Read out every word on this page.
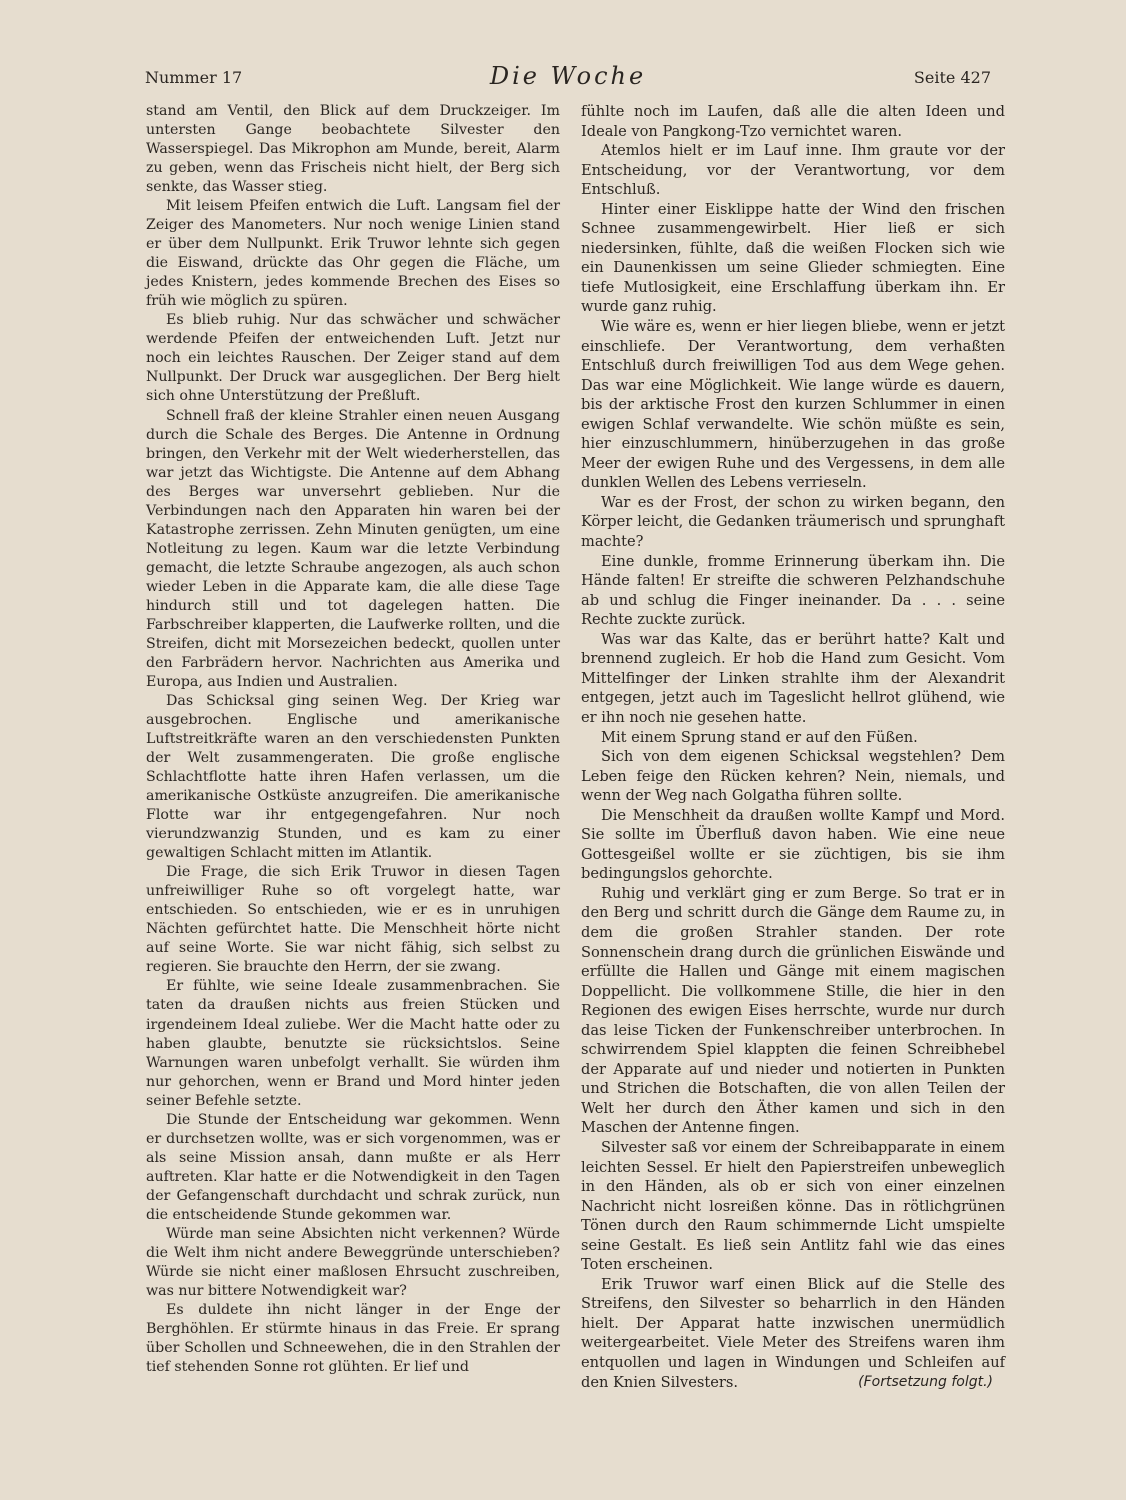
Nummer 17	Die Woche	Seite 427

stand am Ventil, den Blick auf dem Druckzeiger. Im untersten Gange beobachtete Silvester den Wasserspiegel. Das Mikrophon am Munde, bereit, Alarm zu geben, wenn das Frischeis nicht hielt, der Berg sich senkte, das Wasser stieg.

Mit leisem Pfeifen entwich die Luft. Langsam fiel der Zeiger des Manometers. Nur noch wenige Linien stand er über dem Nullpunkt. Erik Truwor lehnte sich gegen die Eiswand, drückte das Ohr gegen die Fläche, um jedes Knistern, jedes kommende Brechen des Eises so früh wie möglich zu spüren.

Es blieb ruhig. Nur das schwächer und schwächer werdende Pfeifen der entweichenden Luft. Jetzt nur noch ein leichtes Rauschen. Der Zeiger stand auf dem Nullpunkt. Der Druck war ausgeglichen. Der Berg hielt sich ohne Unterstützung der Preßluft.

Schnell fraß der kleine Strahler einen neuen Ausgang durch die Schale des Berges. Die Antenne in Ordnung bringen, den Verkehr mit der Welt wiederherstellen, das war jetzt das Wichtigste. Die Antenne auf dem Abhang des Berges war unversehrt geblieben. Nur die Verbindungen nach den Apparaten hin waren bei der Katastrophe zerrissen. Zehn Minuten genügten, um eine Notleitung zu legen. Kaum war die letzte Verbindung gemacht, die letzte Schraube angezogen, als auch schon wieder Leben in die Apparate kam, die alle diese Tage hindurch still und tot dagelegen hatten. Die Farbschreiber klapperten, die Laufwerke rollten, und die Streifen, dicht mit Morsezeichen bedeckt, quollen unter den Farbrädern hervor. Nachrichten aus Amerika und Europa, aus Indien und Australien.

Das Schicksal ging seinen Weg. Der Krieg war ausgebrochen. Englische und amerikanische Luftstreitkräfte waren an den verschiedensten Punkten der Welt zusammengeraten. Die große englische Schlachtflotte hatte ihren Hafen verlassen, um die amerikanische Ostküste anzugreifen. Die amerikanische Flotte war ihr entgegengefahren. Nur noch vierundzwanzig Stunden, und es kam zu einer gewaltigen Schlacht mitten im Atlantik.

Die Frage, die sich Erik Truwor in diesen Tagen unfreiwilliger Ruhe so oft vorgelegt hatte, war entschieden. So entschieden, wie er es in unruhigen Nächten gefürchtet hatte. Die Menschheit hörte nicht auf seine Worte. Sie war nicht fähig, sich selbst zu regieren. Sie brauchte den Herrn, der sie zwang.

Er fühlte, wie seine Ideale zusammenbrachen. Sie taten da draußen nichts aus freien Stücken und irgendeinem Ideal zuliebe. Wer die Macht hatte oder zu haben glaubte, benutzte sie rücksichtslos. Seine Warnungen waren unbefolgt verhallt. Sie würden ihm nur gehorchen, wenn er Brand und Mord hinter jeden seiner Befehle setzte.

Die Stunde der Entscheidung war gekommen. Wenn er durchsetzen wollte, was er sich vorgenommen, was er als seine Mission ansah, dann mußte er als Herr auftreten. Klar hatte er die Notwendigkeit in den Tagen der Gefangenschaft durchdacht und schrak zurück, nun die entscheidende Stunde gekommen war.

Würde man seine Absichten nicht verkennen? Würde die Welt ihm nicht andere Beweggründe unterschieben? Würde sie nicht einer maßlosen Ehrsucht zuschreiben, was nur bittere Notwendigkeit war?

Es duldete ihn nicht länger in der Enge der Berghöhlen. Er stürmte hinaus in das Freie. Er sprang über Schollen und Schneewehen, die in den Strahlen der tief stehenden Sonne rot glühten. Er lief und

fühlte noch im Laufen, daß alle die alten Ideen und Ideale von Pangkong-Tzo vernichtet waren.

Atemlos hielt er im Lauf inne. Ihm graute vor der Entscheidung, vor der Verantwortung, vor dem Entschluß.

Hinter einer Eisklippe hatte der Wind den frischen Schnee zusammengewirbelt. Hier ließ er sich niedersinken, fühlte, daß die weißen Flocken sich wie ein Daunenkissen um seine Glieder schmiegten. Eine tiefe Mutlosigkeit, eine Erschlaffung überkam ihn. Er wurde ganz ruhig.

Wie wäre es, wenn er hier liegen bliebe, wenn er jetzt einschliefe. Der Verantwortung, dem verhaßten Entschluß durch freiwilligen Tod aus dem Wege gehen. Das war eine Möglichkeit. Wie lange würde es dauern, bis der arktische Frost den kurzen Schlummer in einen ewigen Schlaf verwandelte. Wie schön müßte es sein, hier einzuschlummern, hinüberzugehen in das große Meer der ewigen Ruhe und des Vergessens, in dem alle dunklen Wellen des Lebens verrieseln.

War es der Frost, der schon zu wirken begann, den Körper leicht, die Gedanken träumerisch und sprunghaft machte?

Eine dunkle, fromme Erinnerung überkam ihn. Die Hände falten! Er streifte die schweren Pelzhandschuhe ab und schlug die Finger ineinander. Da . . . seine Rechte zuckte zurück.

Was war das Kalte, das er berührt hatte? Kalt und brennend zugleich. Er hob die Hand zum Gesicht. Vom Mittelfinger der Linken strahlte ihm der Alexandrit entgegen, jetzt auch im Tageslicht hellrot glühend, wie er ihn noch nie gesehen hatte.

Mit einem Sprung stand er auf den Füßen.

Sich von dem eigenen Schicksal wegstehlen? Dem Leben feige den Rücken kehren? Nein, niemals, und wenn der Weg nach Golgatha führen sollte.

Die Menschheit da draußen wollte Kampf und Mord. Sie sollte im Überfluß davon haben. Wie eine neue Gottesgeißel wollte er sie züchtigen, bis sie ihm bedingungslos gehorchte.

Ruhig und verklärt ging er zum Berge. So trat er in den Berg und schritt durch die Gänge dem Raume zu, in dem die großen Strahler standen. Der rote Sonnenschein drang durch die grünlichen Eiswände und erfüllte die Hallen und Gänge mit einem magischen Doppellicht. Die vollkommene Stille, die hier in den Regionen des ewigen Eises herrschte, wurde nur durch das leise Ticken der Funkenschreiber unterbrochen. In schwirrendem Spiel klappten die feinen Schreibhebel der Apparate auf und nieder und notierten in Punkten und Strichen die Botschaften, die von allen Teilen der Welt her durch den Äther kamen und sich in den Maschen der Antenne fingen.

Silvester saß vor einem der Schreibapparate in einem leichten Sessel. Er hielt den Papierstreifen unbeweglich in den Händen, als ob er sich von einer einzelnen Nachricht nicht losreißen könne. Das in rötlichgrünen Tönen durch den Raum schimmernde Licht umspielte seine Gestalt. Es ließ sein Antlitz fahl wie das eines Toten erscheinen.

Erik Truwor warf einen Blick auf die Stelle des Streifens, den Silvester so beharrlich in den Händen hielt. Der Apparat hatte inzwischen unermüdlich weitergearbeitet. Viele Meter des Streifens waren ihm entquollen und lagen in Windungen und Schleifen auf den Knien Silvesters.	(Fortsetzung folgt.)
